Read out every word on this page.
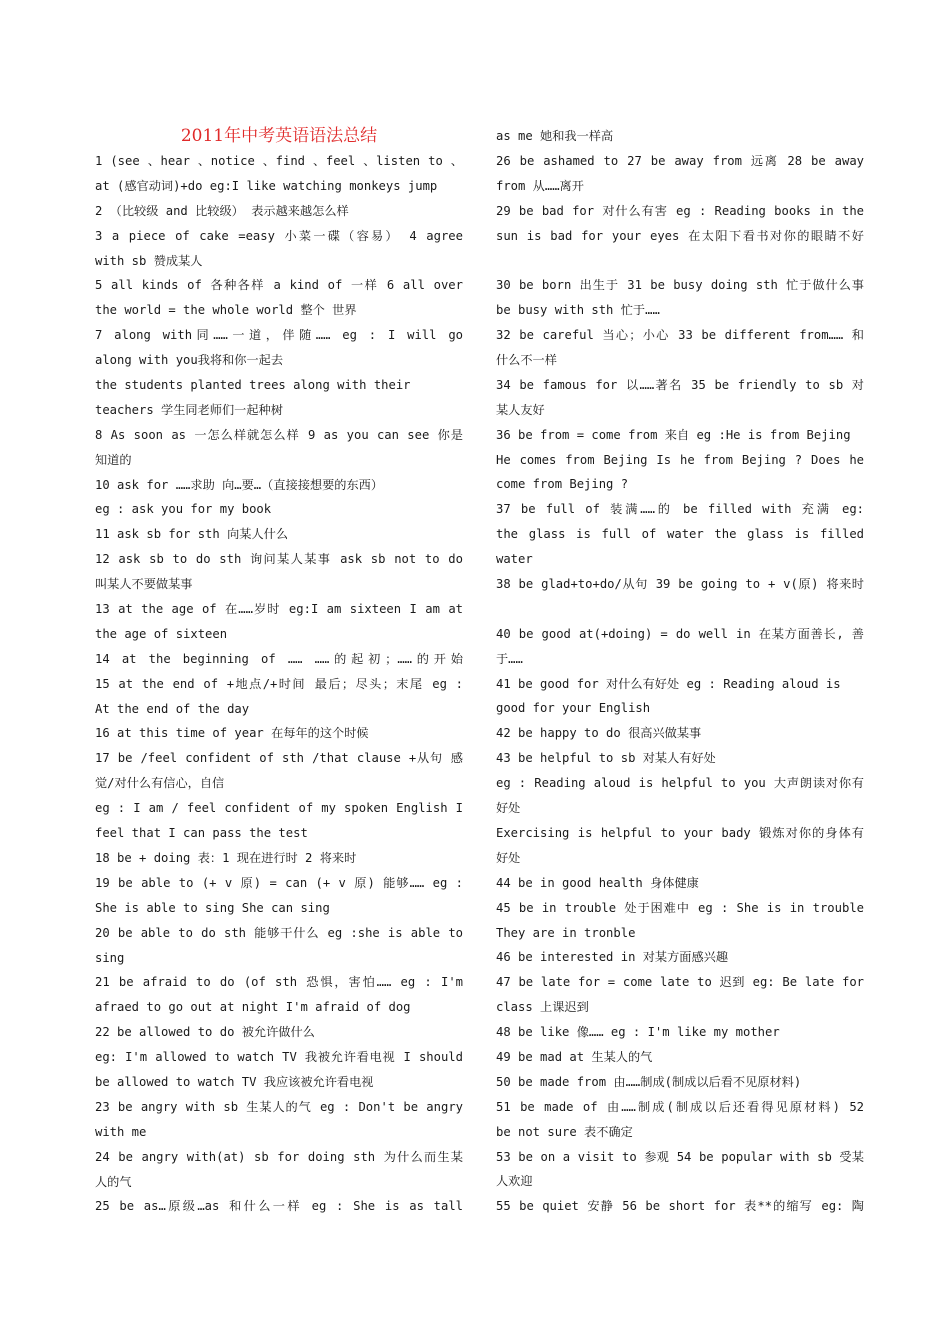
2011年中考英语语法总结
1 (see 、hear 、notice 、find 、feel 、listen to 、
at (感官动词)+do eg:I like watching monkeys jump
2 （比较级 and 比较级） 表示越来越怎么样
3 a piece of cake =easy 小菜一碟（容易） 4 agree
with sb 赞成某人
5 all kinds of 各种各样 a kind of 一样 6 all over
the world = the whole world 整个 世界
7 along with同……一道，伴随…… eg : I will go
along with you我将和你一起去
the students planted trees along with their
teachers 学生同老师们一起种树
8 As soon as 一怎么样就怎么样 9 as you can see 你是
知道的
10 ask for ……求助 向…要…（直接接想要的东西）
eg : ask you for my book
11 ask sb for sth 向某人什么
12 ask sb to do sth 询问某人某事 ask sb not to do
叫某人不要做某事
13 at the age of 在……岁时 eg:I am sixteen I am at
the age of sixteen
14 at the beginning of …… ……的起初；……的开始
15 at the end of +地点/+时间 最后；尽头；末尾 eg :
At the end of the day
16 at this time of year 在每年的这个时候
17 be /feel confident of sth /that clause +从句 感
觉/对什么有信心，自信
eg : I am / feel confident of my spoken English I
feel that I can pass the test
18 be + doing 表：1 现在进行时 2 将来时
19 be able to (+ v 原) = can (+ v 原) 能够…… eg :
She is able to sing She can sing
20 be able to do sth 能够干什么 eg :she is able to
sing
21 be afraid to do (of sth 恐惧，害怕…… eg : I'm
afraed to go out at night I'm afraid of dog
22 be allowed to do 被允许做什么
eg: I'm allowed to watch TV 我被允许看电视 I should
be allowed to watch TV 我应该被允许看电视
23 be angry with sb 生某人的气 eg : Don't be angry
with me
24 be angry with(at) sb for doing sth 为什么而生某
人的气
25 be as…原级…as 和什么一样 eg : She is as tall
as me 她和我一样高
26 be ashamed to 27 be away from 远离 28 be away
from 从……离开
29 be bad for 对什么有害 eg : Reading books in the
sun is bad for your eyes 在太阳下看书对你的眼睛不好
30 be born 出生于 31 be busy doing sth 忙于做什么事
be busy with sth 忙于……
32 be careful 当心；小心 33 be different from…… 和
什么不一样
34 be famous for 以……著名 35 be friendly to sb 对
某人友好
36 be from = come from 来自 eg :He is from Bejing
He comes from Bejing Is he from Bejing ? Does he
come from Bejing ?
37 be full of 装满……的 be filled with 充满 eg:
the glass is full of water the glass is filled
water
38 be glad+to+do/从句 39 be going to + v(原) 将来时
40 be good at(+doing) = do well in 在某方面善长, 善
于……
41 be good for 对什么有好处 eg : Reading aloud is
good for your English
42 be happy to do 很高兴做某事
43 be helpful to sb 对某人有好处
eg : Reading aloud is helpful to you 大声朗读对你有
好处
Exercising is helpful to your bady 锻炼对你的身体有
好处
44 be in good health 身体健康
45 be in trouble 处于困难中 eg : She is in trouble
They are in tronble
46 be interested in 对某方面感兴趣
47 be late for = come late to 迟到 eg: Be late for
class 上课迟到
48 be like 像…… eg : I'm like my mother
49 be mad at 生某人的气
50 be made from 由……制成(制成以后看不见原材料)
51 be made of 由……制成(制成以后还看得见原材料) 52
be not sure 表不确定
53 be on a visit to 参观 54 be popular with sb 受某
人欢迎
55 be quiet 安静 56 be short for 表**的缩写 eg: 陶
